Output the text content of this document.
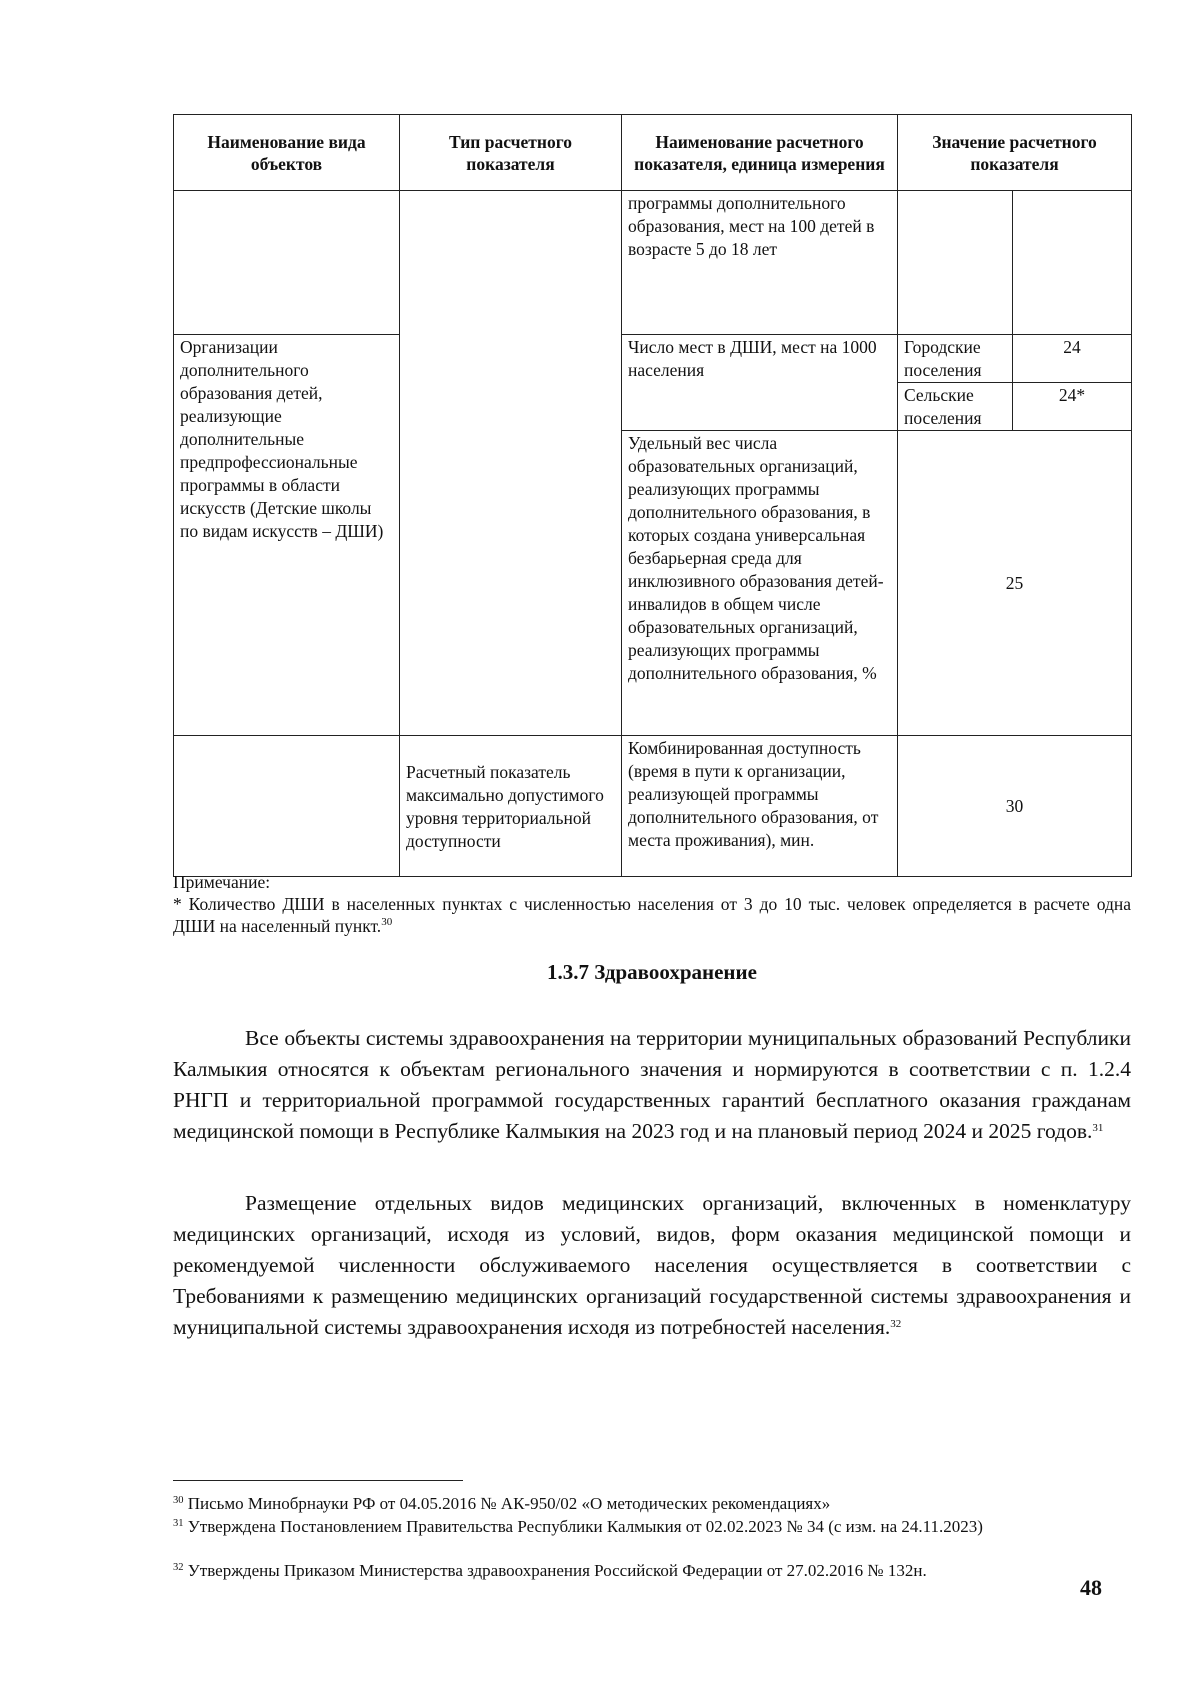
Наименование вида объектов	Тип расчетного показателя	Наименование расчетного показателя, единица измерения	Значение расчетного показателя	
		программы дополнительного образования, мест на 100 детей в возрасте 5 до 18 лет		
Организации дополнительного образования детей, реализующие дополнительные предпрофессиональные программы в области искусств (Детские школы по видам искусств – ДШИ)		Число мест в ДШИ, мест на 1000 населения	Городские поселения	24
			Сельские поселения	24*
		Удельный вес числа образовательных организаций, реализующих программы дополнительного образования, в которых создана универсальная безбарьерная среда для инклюзивного образования детей-инвалидов в общем числе образовательных организаций, реализующих программы дополнительного образования, %	25	
	Расчетный показатель максимально допустимого уровня территориальной доступности	Комбинированная доступность (время в пути к организации, реализующей программы дополнительного образования, от места проживания), мин.	30	
Примечание:
* Количество ДШИ в населенных пунктах с численностью населения от 3 до 10 тыс. человек определяется в расчете одна ДШИ на населенный пункт.$^{30}$
1.3.7 Здравоохранение

Все объекты системы здравоохранения на территории муниципальных образований Республики Калмыкия относятся к объектам регионального значения и нормируются в соответствии с п. 1.2.4 РНГП и территориальной программой государственных гарантий бесплатного оказания гражданам медицинской помощи в Республике Калмыкия на 2023 год и на плановый период 2024 и 2025 годов.$^{31}$

Размещение отдельных видов медицинских организаций, включенных в номенклатуру медицинских организаций, исходя из условий, видов, форм оказания медицинской помощи и рекомендуемой численности обслуживаемого населения осуществляется в соответствии с Требованиями к размещению медицинских организаций государственной системы здравоохранения и муниципальной системы здравоохранения исходя из потребностей населения.$^{32}$

$^{30}$ Письмо Минобрнауки РФ от 04.05.2016 № АК-950/02 «О методических рекомендациях»
$^{31}$ Утверждена Постановлением Правительства Республики Калмыкия от 02.02.2023 № 34 (с изм. на 24.11.2023)
$^{32}$ Утверждены Приказом Министерства здравоохранения Российской Федерации от 27.02.2016 № 132н.
48
